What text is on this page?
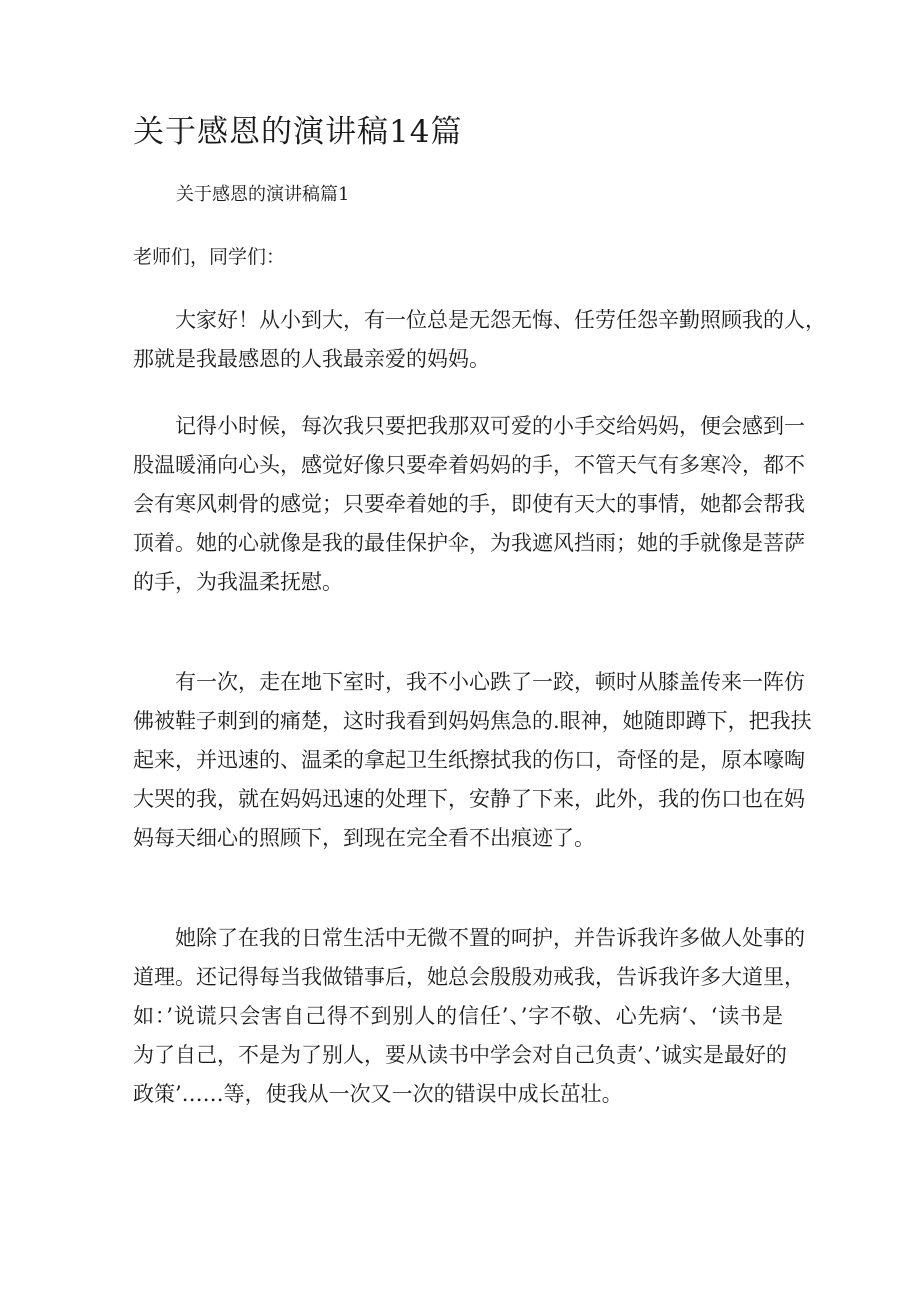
关于感恩的演讲稿14篇
关于感恩的演讲稿篇1

老师们，同学们：

大家好！从小到大，有一位总是无怨无悔、任劳任怨辛勤照顾我的人，
那就是我最感恩的人我最亲爱的妈妈。
记得小时候，每次我只要把我那双可爱的小手交给妈妈，便会感到一
股温暖涌向心头，感觉好像只要牵着妈妈的手，不管天气有多寒冷，都不
会有寒风刺骨的感觉；只要牵着她的手，即使有天大的事情，她都会帮我
顶着。她的心就像是我的最佳保护伞，为我遮风挡雨；她的手就像是菩萨
的手，为我温柔抚慰。
有一次，走在地下室时，我不小心跌了一跤，顿时从膝盖传来一阵仿
佛被鞋子刺到的痛楚，这时我看到妈妈焦急的.眼神，她随即蹲下，把我扶
起来，并迅速的、温柔的拿起卫生纸擦拭我的伤口，奇怪的是，原本嚎啕
大哭的我，就在妈妈迅速的处理下，安静了下来，此外，我的伤口也在妈
妈每天细心的照顾下，到现在完全看不出痕迹了。
她除了在我的日常生活中无微不置的呵护，并告诉我许多做人处事的
道理。还记得每当我做错事后，她总会殷殷劝戒我，告诉我许多大道里，
如：’说谎只会害自己得不到别人的信任’、’字不敬、心先病‘、‘读书是
为了自己，不是为了别人，要从读书中学会对自己负责’、’诚实是最好的
政策’……等，使我从一次又一次的错误中成长茁壮。
